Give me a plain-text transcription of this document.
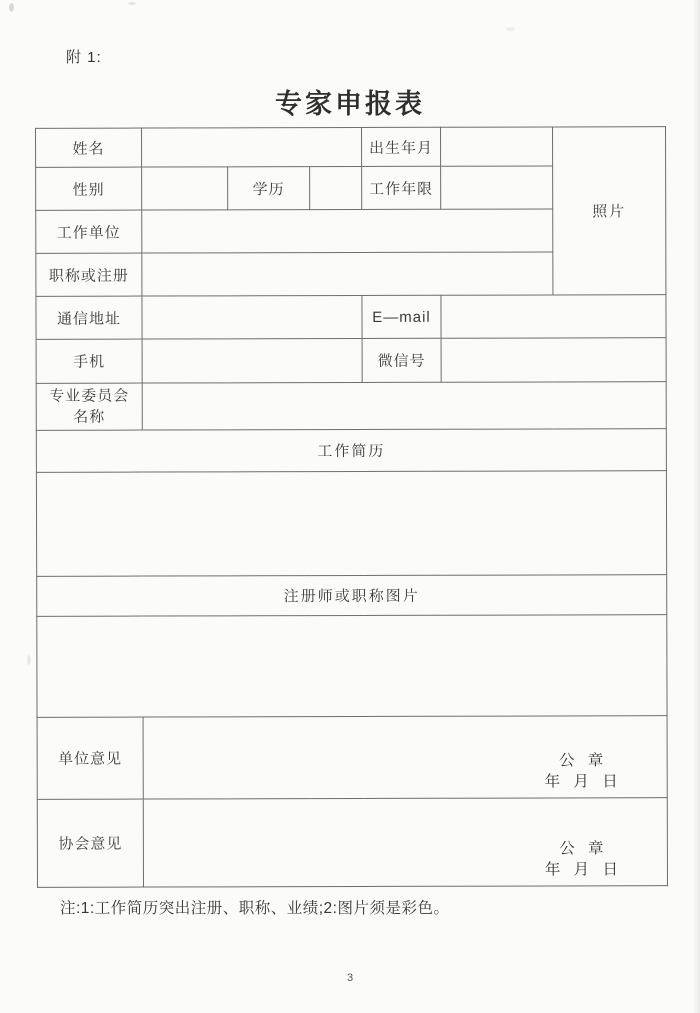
附 1:
专家申报表
姓名				出生年月		照片
性别		学历		工作年限		
工作单位						
职称或注册						
通信地址				E—mail		
手机				微信号		

专业委员会
名称						

工作简历						

注册师或职称图片						

单位意见	公 章
年 月 日					

协会意见	公 章
年 月 日					
注:1:工作简历突出注册、职称、业绩;2:图片须是彩色。
3
